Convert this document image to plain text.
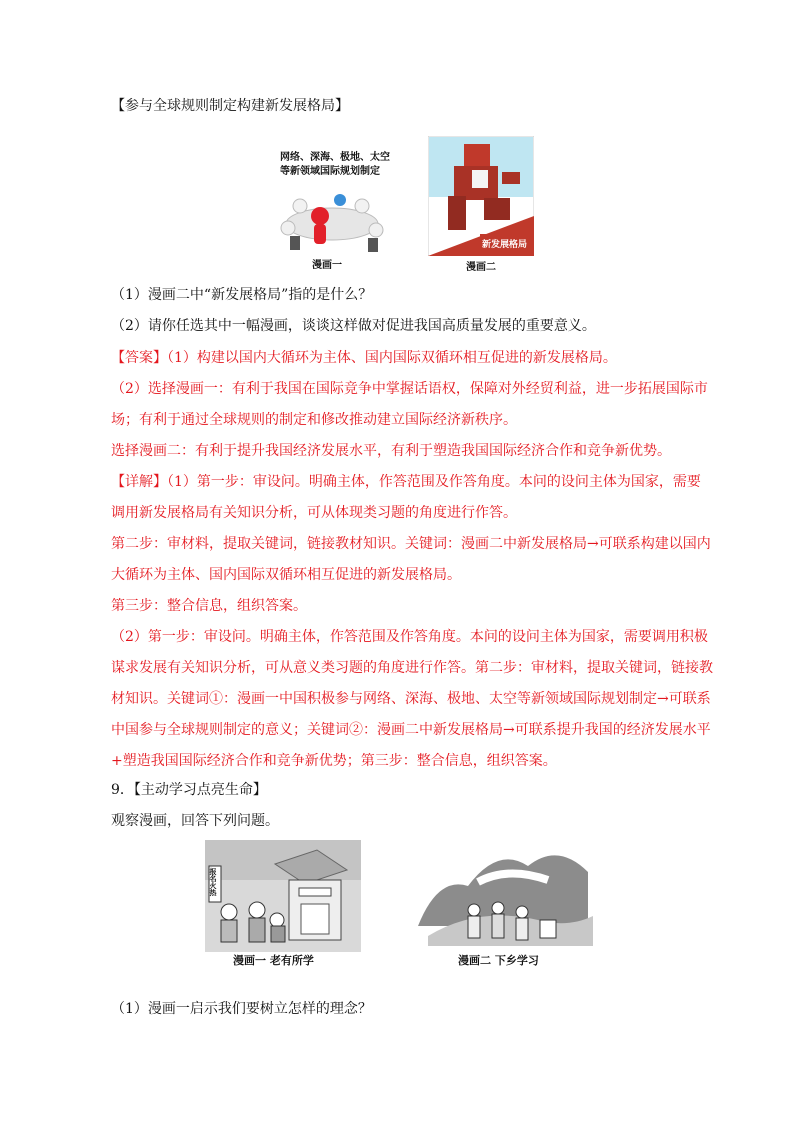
【参与全球规则制定构建新发展格局】
网络、深海、极地、太空
等新领域国际规划制定
漫画一
新发展格局
漫画二
（1）漫画二中“新发展格局”指的是什么？
（2）请你任选其中一幅漫画，谈谈这样做对促进我国高质量发展的重要意义。
【答案】（1）构建以国内大循环为主体、国内国际双循环相互促进的新发展格局。
（2）选择漫画一：有利于我国在国际竞争中掌握话语权，保障对外经贸利益，进一步拓展国际市
场；有利于通过全球规则的制定和修改推动建立国际经济新秩序。
选择漫画二：有利于提升我国经济发展水平，有利于塑造我国国际经济合作和竞争新优势。
【详解】（1）第一步：审设问。明确主体，作答范围及作答角度。本问的设问主体为国家，需要
调用新发展格局有关知识分析，可从体现类习题的角度进行作答。
第二步：审材料，提取关键词，链接教材知识。关键词：漫画二中新发展格局→可联系构建以国内
大循环为主体、国内国际双循环相互促进的新发展格局。
第三步：整合信息，组织答案。
（2）第一步：审设问。明确主体，作答范围及作答角度。本问的设问主体为国家，需要调用积极
谋求发展有关知识分析，可从意义类习题的角度进行作答。第二步：审材料，提取关键词，链接教
材知识。关键词①：漫画一中国积极参与网络、深海、极地、太空等新领域国际规划制定→可联系
中国参与全球规则制定的意义；关键词②：漫画二中新发展格局→可联系提升我国的经济发展水平
+塑造我国国际经济合作和竞争新优势；第三步：整合信息，组织答案。
9．【主动学习点亮生命】
观察漫画，回答下列问题。
报名火热
漫画一 老有所学	漫画二 下乡学习
（1）漫画一启示我们要树立怎样的理念？
